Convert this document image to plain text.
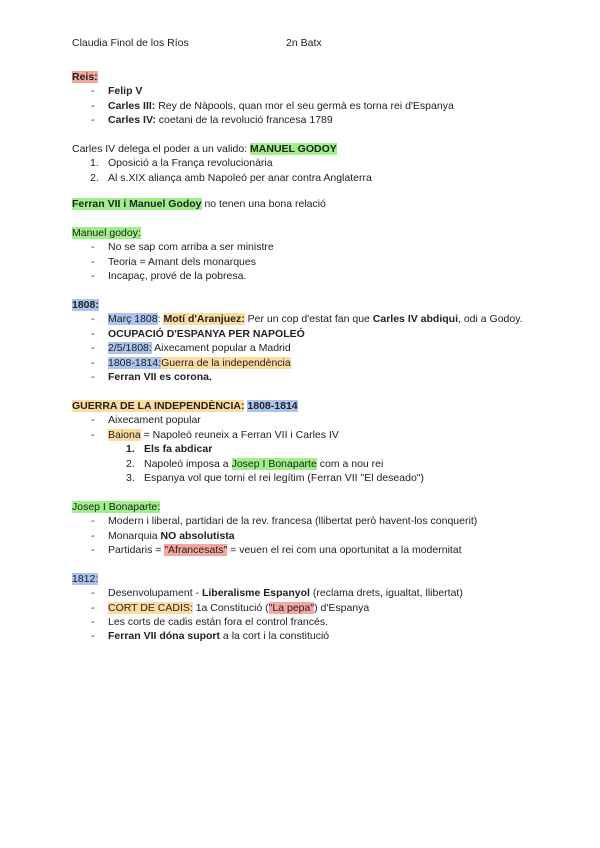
Claudia Finol de los Ríos	2n Batx

Reis:

- Felip V
- Carles III: Rey de Nàpools, quan mor el seu germà es torna rei d'Espanya
- Carles IV: coetani de la revolució francesa 1789

Carles IV delega el poder a un valido: MANUEL GODOY

1. Oposició a la França revolucionària
2. Al s.XIX aliança amb Napoleó per anar contra Anglaterra

Ferran VII i Manuel Godoy no tenen una bona relació

Manuel godoy:

- No se sap com arriba a ser ministre
- Teoria = Amant dels monarques
- Incapaç, prové de la pobresa.

1808:

- Març 1808: Motí d'Aranjuez: Per un cop d'estat fan que Carles IV abdiqui, odi a Godoy.
- OCUPACIÓ D'ESPANYA PER NAPOLEÓ
- 2/5/1808: Aixecament popular a Madrid
- 1808-1814:Guerra de la independència
- Ferran VII es corona.

GUERRA DE LA INDEPENDÈNCIA: 1808-1814

- Aixecament popular
- Baiona = Napoleó reuneix a Ferran VII i Carles IV
1. Els fa abdicar
2. Napoleó imposa a Josep I Bonaparte com a nou rei
3. Espanya vol que torni el rei legítim (Ferran VII "El deseado")

Josep I Bonaparte:

- Modern i liberal, partidari de la rev. francesa (llibertat però havent-los conquerit)
- Monarquia NO absolutista
- Partidaris = "Afrancesats" = veuen el rei com una oportunitat a la modernitat

1812:

- Desenvolupament - Liberalisme Espanyol (reclama drets, igualtat, llibertat)
- CORT DE CADIS: 1a Constitució ("La pepa") d'Espanya
- Les corts de cadis están fora el control francés.
- Ferran VII dóna suport a la cort i la constitució
